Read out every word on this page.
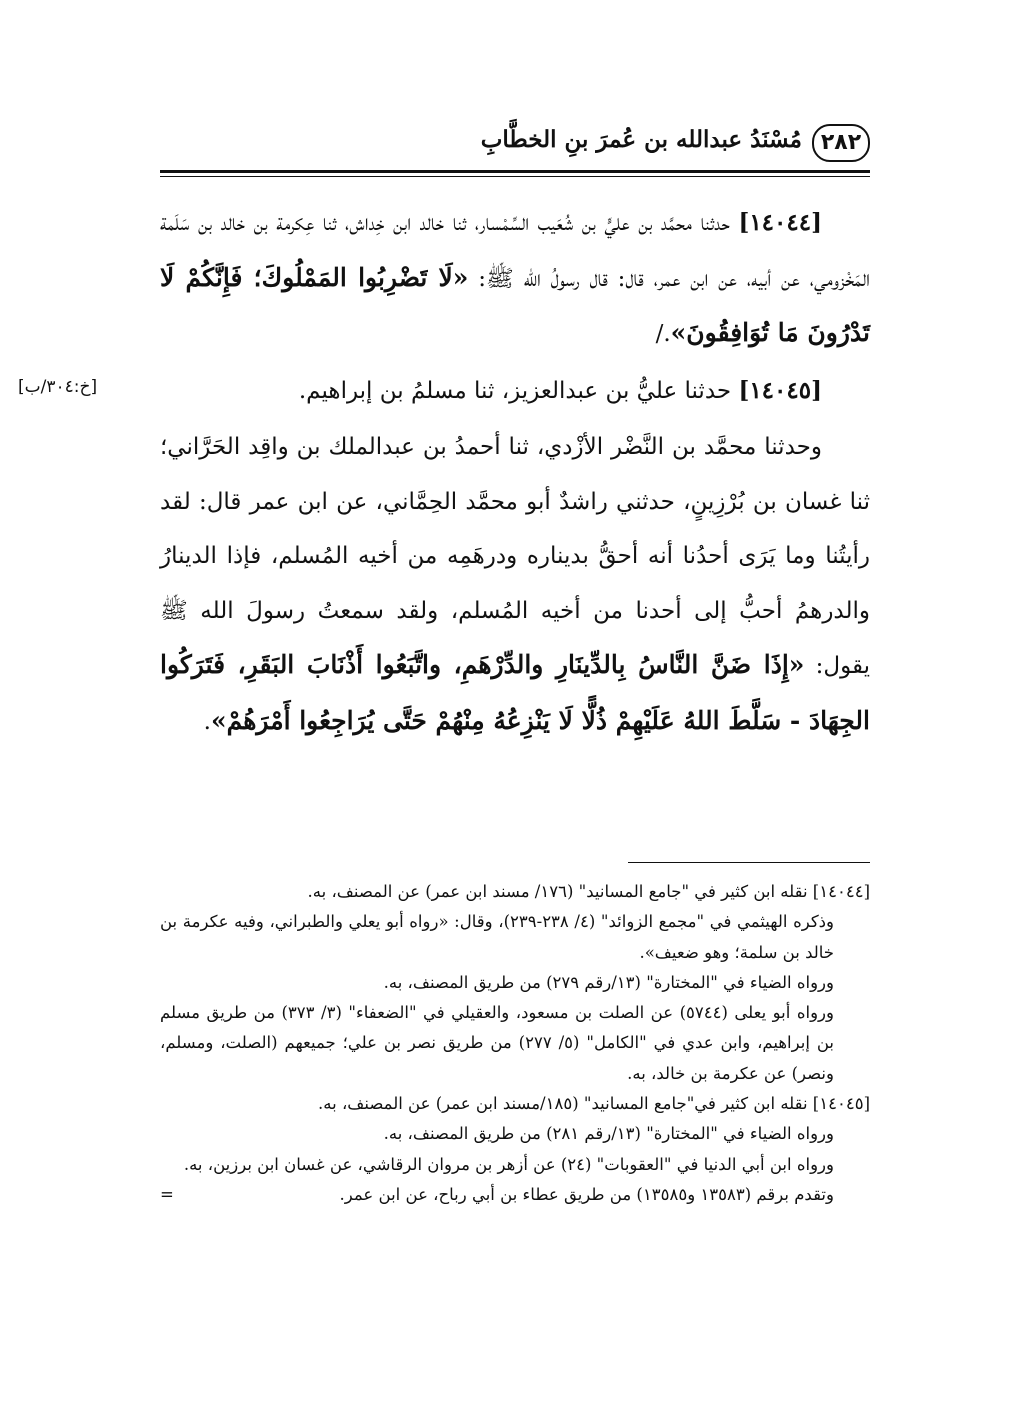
٢٨٢
مُسْنَدُ عبدالله بن عُمرَ بنِ الخطَّابِ
[خ:٣٠٤/ب]

[١٤٠٤٤] حدثنا محمَّد بن عليٍّ بن شُعَيب السِّمْسار، ثنا خالد ابن خِداش، ثنا عِكرمة بن خالد بن سَلَمة المَخْزومي، عن أبيه، عن ابن عمر، قال: قال رسولُ الله ﷺ: «لَا تَضْرِبُوا المَمْلُوكَ؛ فَإِنَّكُمْ لَا تَدْرُونَ مَا تُوَافِقُونَ»./

[١٤٠٤٥] حدثنا عليُّ بن عبدالعزيز، ثنا مسلمُ بن إبراهيم.

وحدثنا محمَّد بن النَّضْر الأزْدي، ثنا أحمدُ بن عبدالملك بن واقِد الحَرَّاني؛ ثنا غسان بن بُرْزِينٍ، حدثني راشدٌ أبو محمَّد الحِمَّاني، عن ابن عمر قال: لقد رأيتُنا وما يَرَى أحدُنا أنه أحقُّ بديناره ودرهَمِه من أخيه المُسلم، فإذا الدينارُ والدرهمُ أحبُّ إلى أحدنا من أخيه المُسلم، ولقد سمعتُ رسولَ الله ﷺ يقول: «إِذَا ضَنَّ النَّاسُ بِالدِّينَارِ والدِّرْهَمِ، واتَّبَعُوا أَذْنَابَ البَقَرِ، فَتَرَكُوا الجِهَادَ - سَلَّطَ اللهُ عَلَيْهِمْ ذُلًّا لَا يَنْزِعُهُ مِنْهُمْ حَتَّى يُرَاجِعُوا أَمْرَهُمْ».

[١٤٠٤٤] نقله ابن كثير في "جامع المسانيد" (١٧٦/ مسند ابن عمر) عن المصنف، به.

وذكره الهيثمي في "مجمع الزوائد" (٤/ ٢٣٨-٢٣٩)، وقال: «رواه أبو يعلي والطبراني، وفيه عكرمة بن خالد بن سلمة؛ وهو ضعيف».

ورواه الضياء في "المختارة" (١٣/رقم ٢٧٩) من طريق المصنف، به.

ورواه أبو يعلى (٥٧٤٤) عن الصلت بن مسعود، والعقيلي في "الضعفاء" (٣/ ٣٧٣) من طريق مسلم بن إبراهيم، وابن عدي في "الكامل" (٥/ ٢٧٧) من طريق نصر بن علي؛ جميعهم (الصلت، ومسلم، ونصر) عن عكرمة بن خالد، به.

[١٤٠٤٥] نقله ابن كثير في"جامع المسانيد" (١٨٥/مسند ابن عمر) عن المصنف، به.

ورواه الضياء في "المختارة" (١٣/رقم ٢٨١) من طريق المصنف، به.

ورواه ابن أبي الدنيا في "العقوبات" (٢٤) عن أزهر بن مروان الرقاشي، عن غسان ابن برزين، به.

وتقدم برقم (١٣٥٨٣ و١٣٥٨٥) من طريق عطاء بن أبي رباح، عن ابن عمر.
=
